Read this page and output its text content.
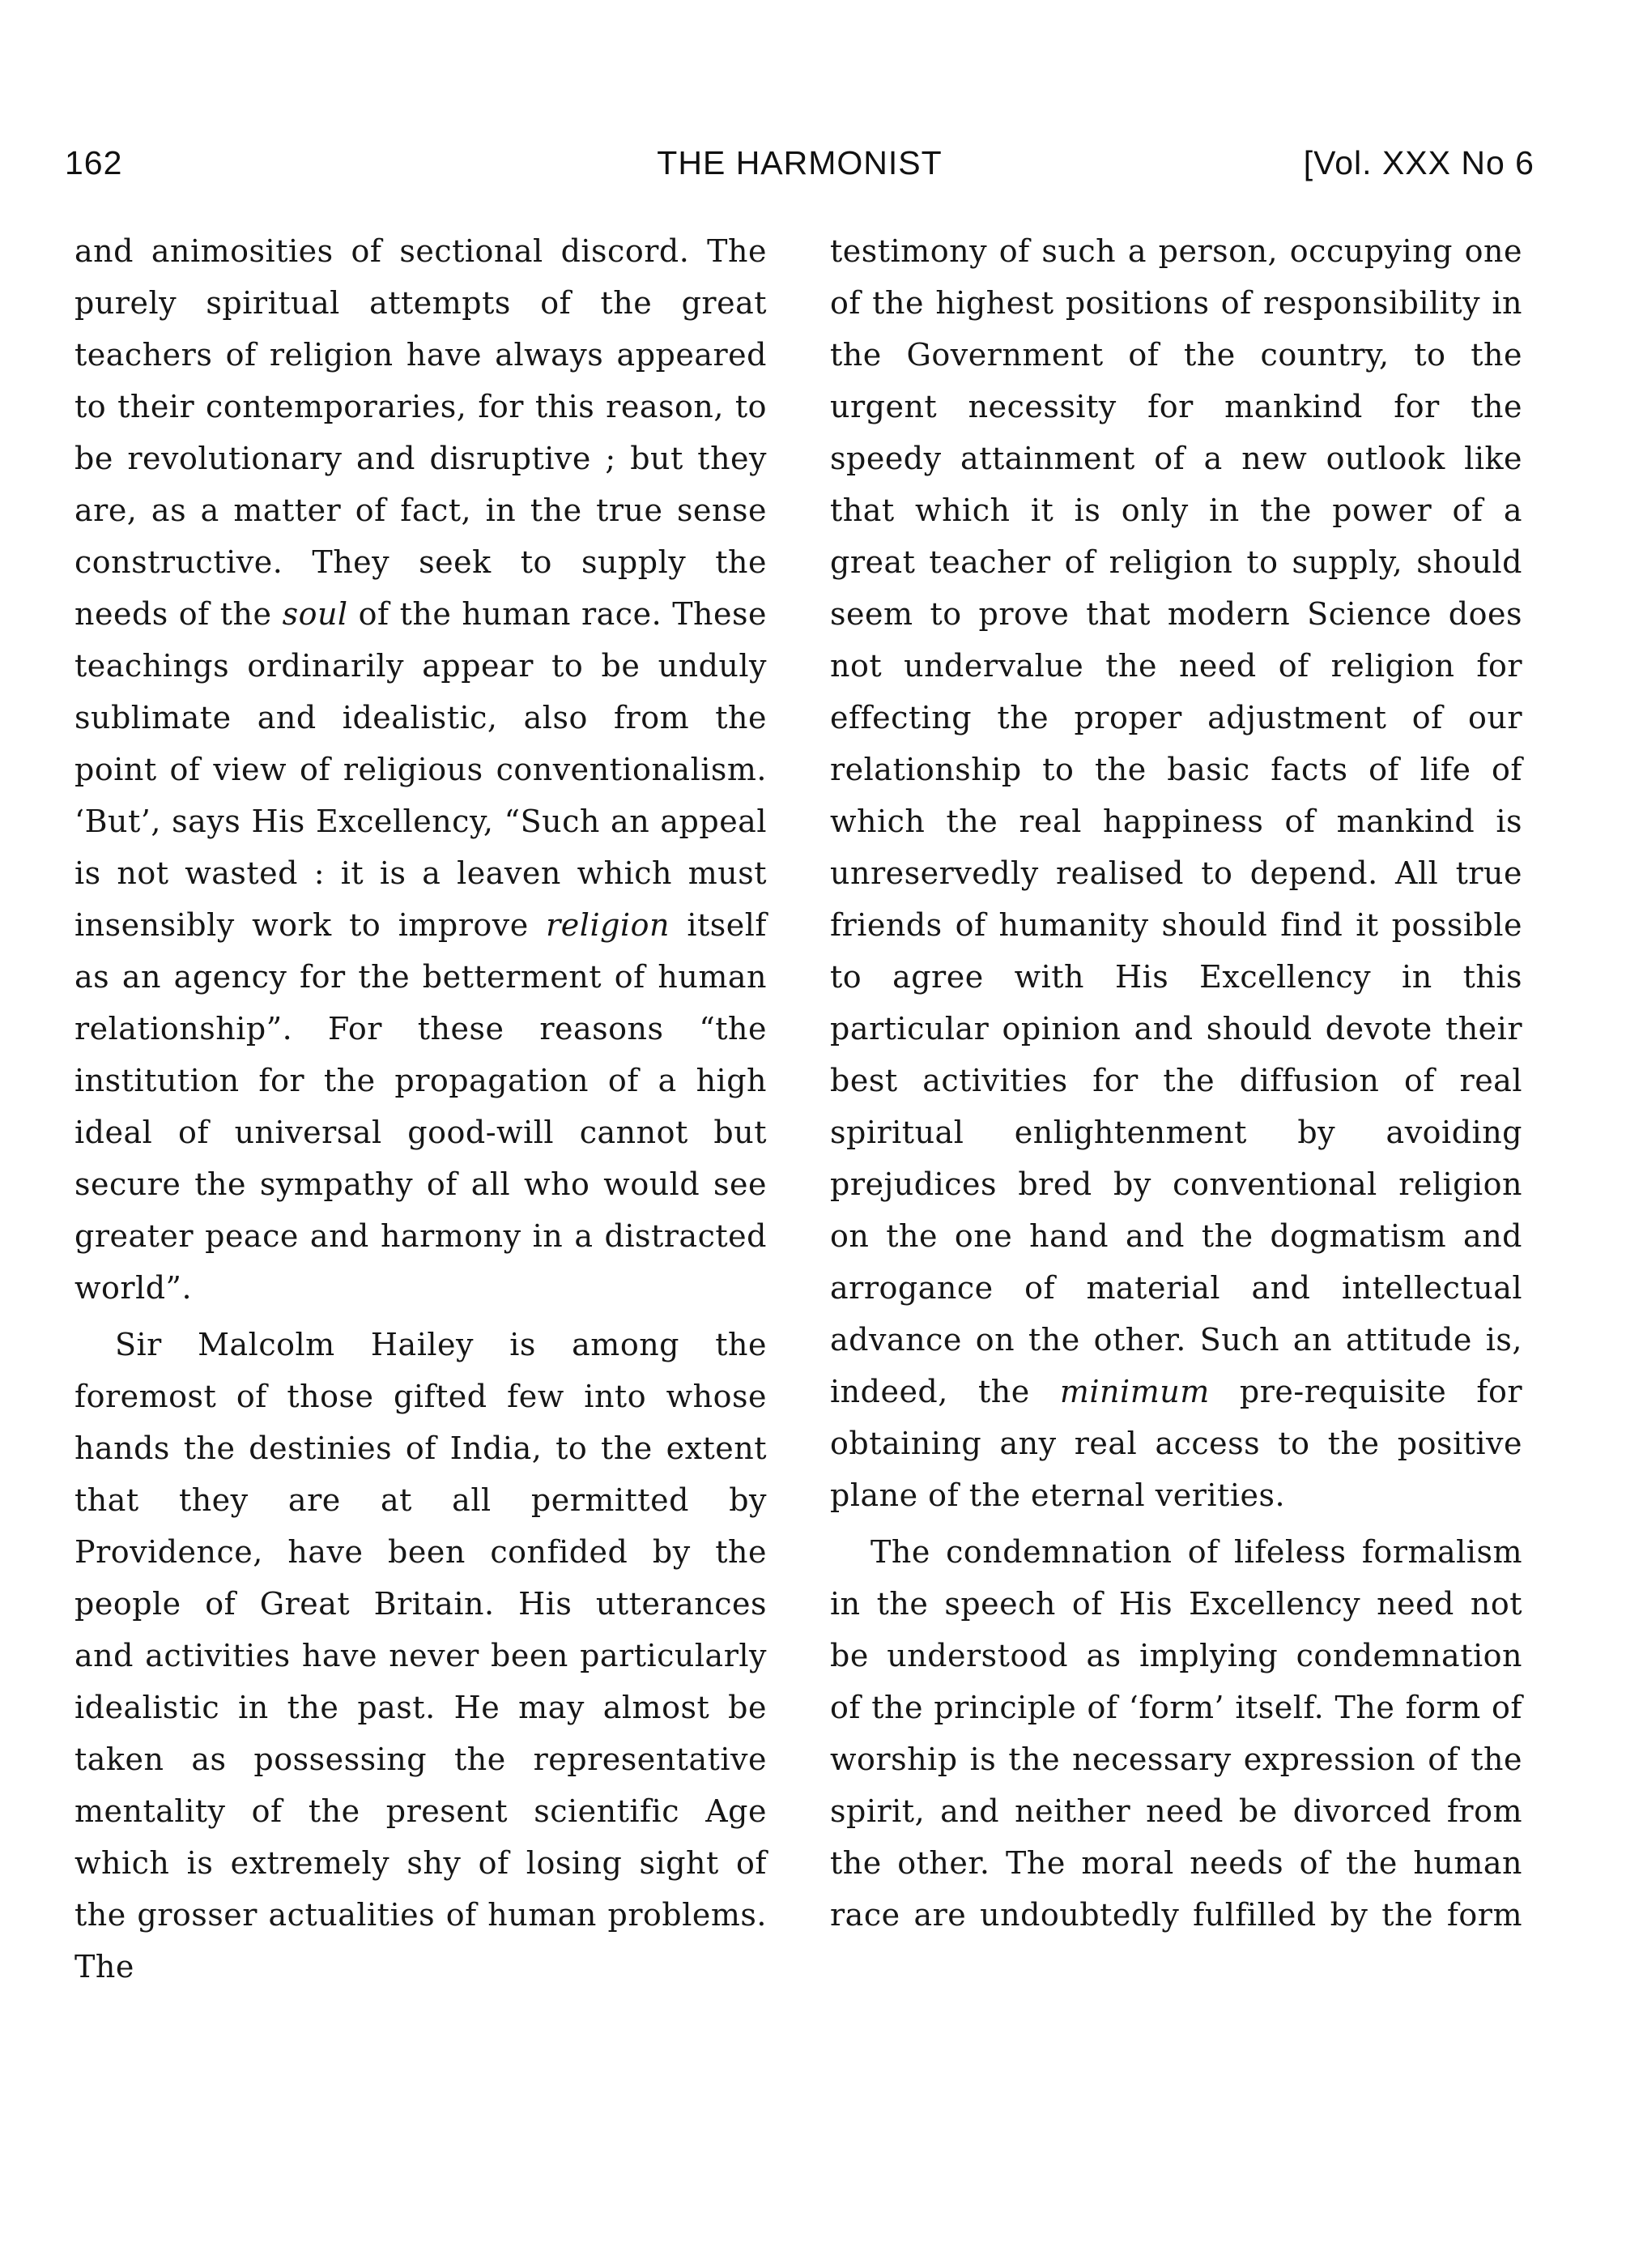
THE HARMONIST
162	[Vol. XXX No 6

and animosities of sectional discord. The purely spiritual attempts of the great teachers of religion have always appeared to their contemporaries, for this reason, to be revolutionary and disruptive ; but they are, as a matter of fact, in the true sense constructive. They seek to supply the needs of the soul of the human race. These teachings ordinarily appear to be unduly sublimate and idealistic, also from the point of view of religious conventionalism. ‘But’, says His Excellency, “Such an appeal is not wasted : it is a leaven which must insensibly work to improve religion itself as an agency for the betterment of human relationship”. For these reasons “the institution for the propagation of a high ideal of universal good-will cannot but secure the sympathy of all who would see greater peace and harmony in a distracted world”.

Sir Malcolm Hailey is among the foremost of those gifted few into whose hands the destinies of India, to the extent that they are at all permitted by Providence, have been confided by the people of Great Britain. His utterances and activities have never been particularly idealistic in the past. He may almost be taken as possessing the representative mentality of the present scientific Age which is extremely shy of losing sight of the grosser actualities of human problems. The

testimony of such a person, occupying one of the highest positions of responsibility in the Government of the country, to the urgent necessity for mankind for the speedy attainment of a new outlook like that which it is only in the power of a great teacher of religion to supply, should seem to prove that modern Science does not undervalue the need of religion for effecting the proper adjustment of our relationship to the basic facts of life of which the real happiness of mankind is unreservedly realised to depend. All true friends of humanity should find it possible to agree with His Excellency in this particular opinion and should devote their best activities for the diffusion of real spiritual enlightenment by avoiding prejudices bred by conventional religion on the one hand and the dogmatism and arrogance of material and intellectual advance on the other. Such an attitude is, indeed, the minimum pre-requisite for obtaining any real access to the positive plane of the eternal verities.

The condemnation of lifeless formalism in the speech of His Excellency need not be understood as implying condemnation of the principle of ‘form’ itself. The form of worship is the necessary expression of the spirit, and neither need be divorced from the other. The moral needs of the human race are undoubtedly fulfilled by the form
